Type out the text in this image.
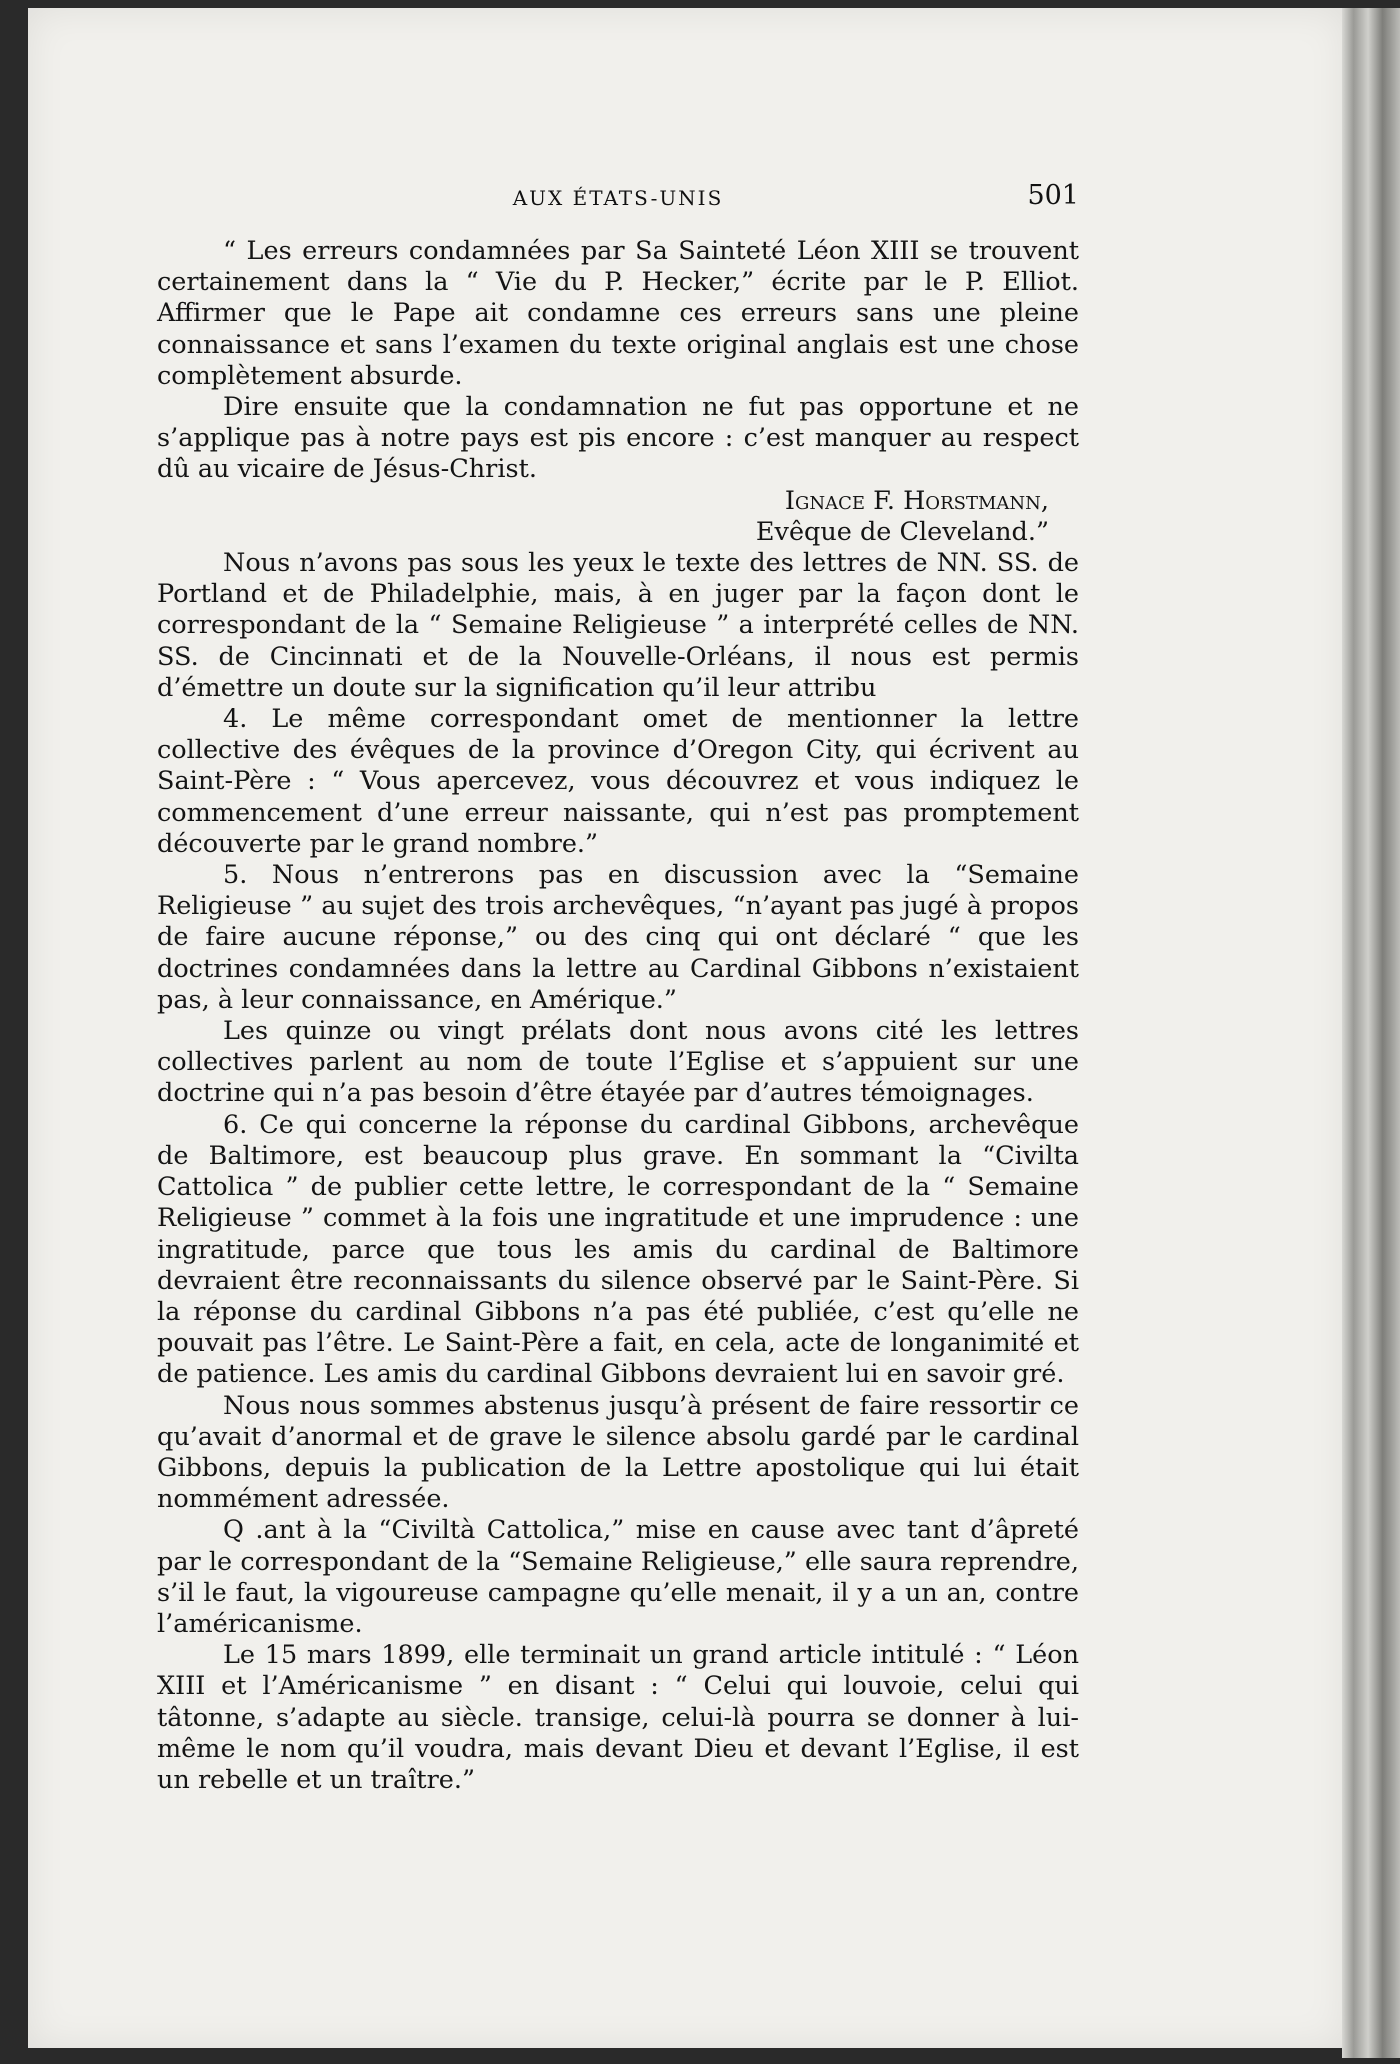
AUX ÉTATS-UNIS	501

“ Les erreurs condamnées par Sa Sainteté Léon XIII se trouvent certainement dans la “ Vie du P. Hecker,” écrite par le P. Elliot. Affirmer que le Pape ait condamne ces erreurs sans une pleine connaissance et sans l’examen du texte original anglais est une chose complètement absurde.

Dire ensuite que la condamnation ne fut pas opportune et ne s’applique pas à notre pays est pis encore : c’est manquer au respect dû au vicaire de Jésus-Christ.

Ignace F. Horstmann,

Evêque de Cleveland.”

Nous n’avons pas sous les yeux le texte des lettres de NN. SS. de Portland et de Philadelphie, mais, à en juger par la façon dont le correspondant de la “ Semaine Religieuse ” a interprété celles de NN. SS. de Cincinnati et de la Nouvelle-Orléans, il nous est permis d’émettre un doute sur la signification qu’il leur attribu

4. Le même correspondant omet de mentionner la lettre collective des évêques de la province d’Oregon City, qui écrivent au Saint-Père : “ Vous apercevez, vous découvrez et vous indiquez le commencement d’une erreur naissante, qui n’est pas promptement découverte par le grand nombre.”

5. Nous n’entrerons pas en discussion avec la “Semaine Religieuse ” au sujet des trois archevêques, “n’ayant pas jugé à propos de faire aucune réponse,” ou des cinq qui ont déclaré “ que les doctrines condamnées dans la lettre au Cardinal Gibbons n’existaient pas, à leur connaissance, en Amérique.”

Les quinze ou vingt prélats dont nous avons cité les lettres collectives parlent au nom de toute l’Eglise et s’appuient sur une doctrine qui n’a pas besoin d’être étayée par d’autres témoignages.

6. Ce qui concerne la réponse du cardinal Gibbons, archevêque de Baltimore, est beaucoup plus grave. En sommant la “Civilta Cattolica ” de publier cette lettre, le correspondant de la “ Semaine Religieuse ” commet à la fois une ingratitude et une imprudence : une ingratitude, parce que tous les amis du cardinal de Baltimore devraient être reconnaissants du silence observé par le Saint-Père. Si la réponse du cardinal Gibbons n’a pas été publiée, c’est qu’elle ne pouvait pas l’être. Le Saint-Père a fait, en cela, acte de longanimité et de patience. Les amis du cardinal Gibbons devraient lui en savoir gré.

Nous nous sommes abstenus jusqu’à présent de faire ressortir ce qu’avait d’anormal et de grave le silence absolu gardé par le cardinal Gibbons, depuis la publication de la Lettre apostolique qui lui était nommément adressée.

Q .ant à la “Civiltà Cattolica,” mise en cause avec tant d’âpreté par le correspondant de la “Semaine Religieuse,” elle saura reprendre, s’il le faut, la vigoureuse campagne qu’elle menait, il y a un an, contre l’américanisme.

Le 15 mars 1899, elle terminait un grand article intitulé : “ Léon XIII et l’Américanisme ” en disant : “ Celui qui louvoie, celui qui tâtonne, s’adapte au siècle. transige, celui-là pourra se donner à lui-même le nom qu’il voudra, mais devant Dieu et devant l’Eglise, il est un rebelle et un traître.”
